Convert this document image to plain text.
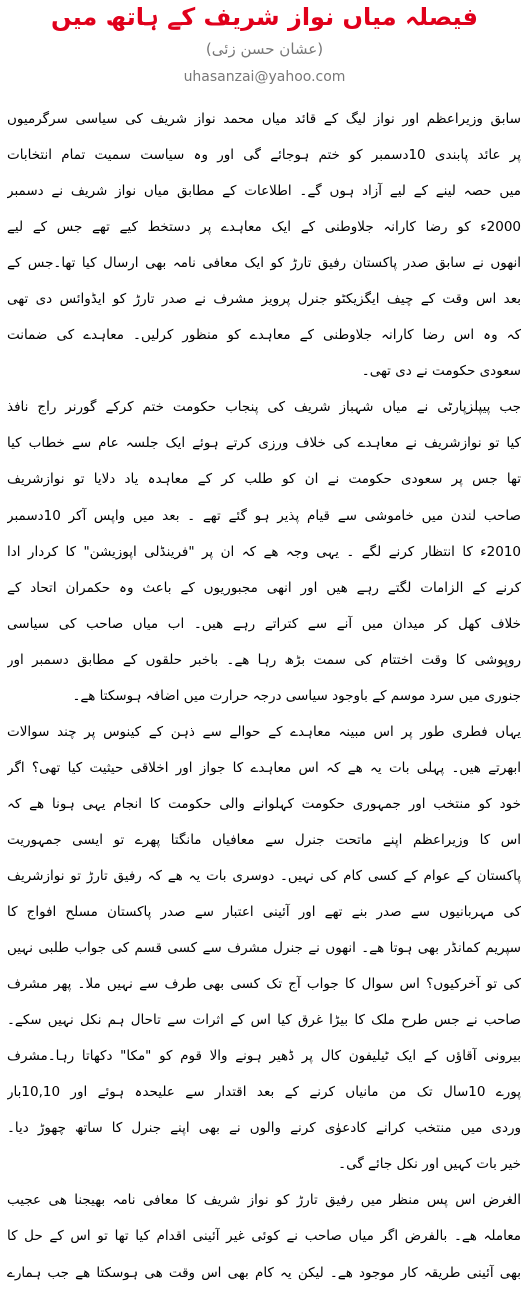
فیصلہ میاں نواز شریف کے ہاتھ میں
(عشان حسن زئی)
uhasanzai@yahoo.com
سابق وزیراعظم اور نواز لیگ کے قائد میاں محمد نواز شریف کی سیاسی سرگرمیوں
پر عائد پابندی 10دسمبر کو ختم ہوجائے گی اور وہ سیاست سمیت تمام انتخابات
میں حصہ لینے کے لیے آزاد ہوں گے۔ اطلاعات کے مطابق میاں نواز شریف نے دسمبر
2000ء کو رضا کارانہ جلاوطنی کے ایک معاہدے پر دستخط کیے تھے جس کے لیے
انھوں نے سابق صدر پاکستان رفیق تارڑ کو ایک معافی نامہ بھی ارسال کیا تھا۔جس کے
بعد اس وقت کے چیف ایگزیکٹو جنرل پرویز مشرف نے صدر تارڑ کو ایڈوائس دی تھی
کہ وہ اس رضا کارانہ جلاوطنی کے معاہدے کو منظور کرلیں۔ معاہدے کی ضمانت
سعودی حکومت نے دی تھی۔
جب پیپلزپارٹی نے میاں شہباز شریف کی پنجاب حکومت ختم کرکے گورنر راج نافذ
کیا تو نوازشریف نے معاہدے کی خلاف ورزی کرتے ہوئے ایک جلسہ عام سے خطاب کیا
تھا جس پر سعودی حکومت نے ان کو طلب کر کے معاہدہ یاد دلایا تو نوازشریف
صاحب لندن میں خاموشی سے قیام پذیر ہو گئے تھے ۔ بعد میں واپس آکر 10دسمبر
2010ء کا انتظار کرنے لگے ۔ یہی وجہ ھے کہ ان پر "فرینڈلی اپوزیشن" کا کردار ادا
کرنے کے الزامات لگتے رہے ھیں اور انھی مجبوریوں کے باعث وہ حکمران اتحاد کے
خلاف کھل کر میدان میں آنے سے کتراتے رہے ھیں۔ اب میاں صاحب کی سیاسی
روپوشی کا وقت اختتام کی سمت بڑھ رہا ھے۔ باخبر حلقوں کے مطابق دسمبر اور
جنوری میں سرد موسم کے باوجود سیاسی درجہ حرارت میں اضافہ ہوسکتا ھے۔
یہاں فطری طور پر اس مبینہ معاہدے کے حوالے سے ذہن کے کینوس پر چند سوالات
ابھرتے ھیں۔ پہلی بات یہ ھے کہ اس معاہدے کا جواز اور اخلاقی حیثیت کیا تھی؟ اگر
خود کو منتخب اور جمہوری حکومت کہلوانے والی حکومت کا انجام یہی ہونا ھے کہ
اس کا وزیراعظم اپنے ماتحت جنرل سے معافیاں مانگتا پھرے تو ایسی جمہوریت
پاکستان کے عوام کے کسی کام کی نہیں۔ دوسری بات یہ ھے کہ رفیق تارڑ تو نوازشریف
کی مہربانیوں سے صدر بنے تھے اور آئینی اعتبار سے صدر پاکستان مسلح افواج کا
سپریم کمانڈر بھی ہوتا ھے۔ انھوں نے جنرل مشرف سے کسی قسم کی جواب طلبی نہیں
کی تو آخرکیوں؟ اس سوال کا جواب آج تک کسی بھی طرف سے نہیں ملا۔ پھر مشرف
صاحب نے جس طرح ملک کا بیڑا غرق کیا اس کے اثرات سے تاحال ہم نکل نہیں سکے۔
بیرونی آقاؤں کے ایک ٹیلیفون کال پر ڈھیر ہونے والا قوم کو "مکا" دکھاتا رہا۔مشرف
پورے 10سال تک من مانیاں کرنے کے بعد اقتدار سے علیحدہ ہوئے اور 10,10بار
وردی میں منتخب کرانے کادعوٰی کرنے والوں نے بھی اپنے جنرل کا ساتھ چھوڑ دیا۔
خیر بات کہیں اور نکل جائے گی۔
الغرض اس پس منظر میں رفیق تارڑ کو نواز شریف کا معافی نامہ بھیجنا ھی عجیب
معاملہ ھے۔ بالفرض اگر میاں صاحب نے کوئی غیر آئینی اقدام کیا تھا تو اس کے حل کا
بھی آئینی طریقہ کار موجود ھے۔ لیکن یہ کام بھی اس وقت ھی ہوسکتا ھے جب ہمارے
